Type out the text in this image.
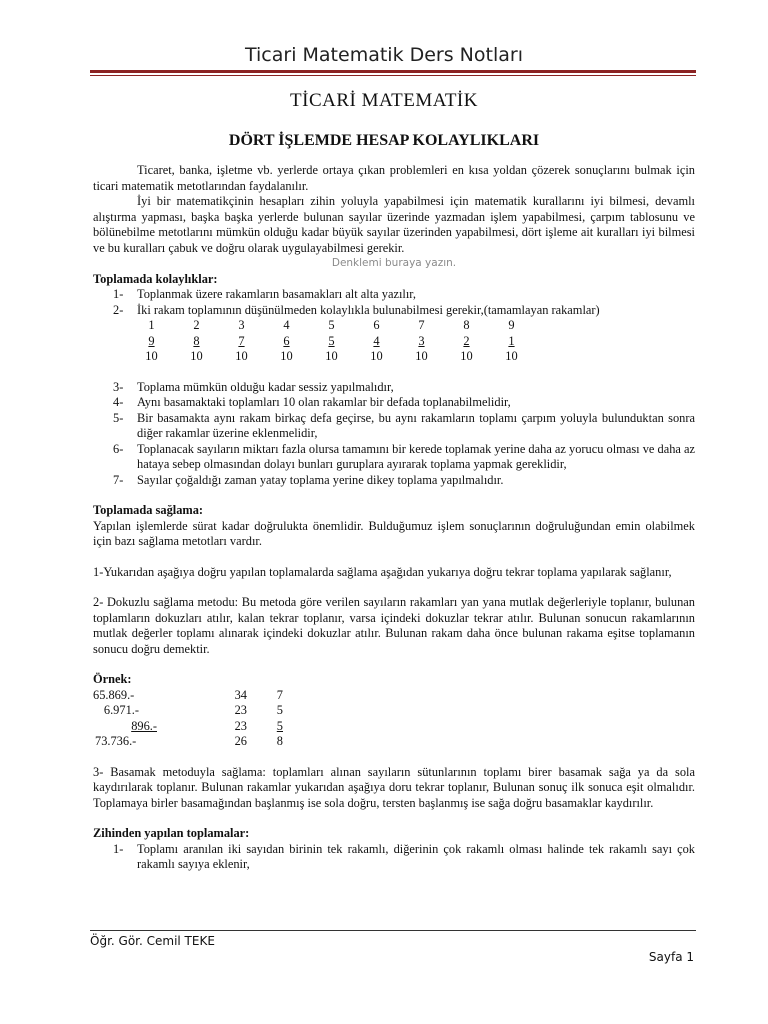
Ticari Matematik Ders Notları
TİCARİ MATEMATİK
DÖRT İŞLEMDE HESAP KOLAYLIKLARI

Ticaret, banka, işletme vb. yerlerde ortaya çıkan problemleri en kısa yoldan çözerek sonuçlarını bulmak için ticari matematik metotlarından faydalanılır.

İyi bir matematikçinin hesapları zihin yoluyla yapabilmesi için matematik kurallarını iyi bilmesi, devamlı alıştırma yapması, başka başka yerlerde bulunan sayılar üzerinde yazmadan işlem yapabilmesi, çarpım tablosunu ve bölünebilme metotlarını mümkün olduğu kadar büyük sayılar üzerinden yapabilmesi, dört işleme ait kuralları iyi bilmesi ve bu kuralları çabuk ve doğru olarak uygulayabilmesi gerekir.

Denklemi buraya yazın.

Toplamada kolaylıklar:

1-	Toplanmak üzere rakamların basamakları alt alta yazılır,
2-	İki rakam toplamının düşünülmeden kolaylıkla bulunabilmesi gerekir,(tamamlayan rakamlar)
1	2	3	4	5	6	7	8	9
9	8	7	6	5	4	3	2	1
10	10	10	10	10	10	10	10	10
3-	Toplama mümkün olduğu kadar sessiz yapılmalıdır,
4-	Aynı basamaktaki toplamları 10 olan rakamlar bir defada toplanabilmelidir,
5-	Bir basamakta aynı rakam birkaç defa geçirse, bu aynı rakamların toplamı çarpım yoluyla bulunduktan sonra diğer rakamlar üzerine eklenmelidir,
6-	Toplanacak sayıların miktarı fazla olursa tamamını bir kerede toplamak yerine daha az yorucu olması ve daha az hataya sebep olmasından dolayı bunları guruplara ayırarak toplama yapmak gereklidir,
7-	Sayılar çoğaldığı zaman yatay toplama yerine dikey toplama yapılmalıdır.

Toplamada sağlama:

Yapılan işlemlerde sürat kadar doğrulukta önemlidir. Bulduğumuz işlem sonuçlarının doğruluğundan emin olabilmek için bazı sağlama metotları vardır.

1-Yukarıdan aşağıya doğru yapılan toplamalarda sağlama aşağıdan yukarıya doğru tekrar toplama yapılarak sağlanır,

2- Dokuzlu sağlama metodu: Bu metoda göre verilen sayıların rakamları yan yana mutlak değerleriyle toplanır, bulunan toplamların dokuzları atılır, kalan tekrar toplanır, varsa içindeki dokuzlar tekrar atılır. Bulunan sonucun rakamlarının mutlak değerler toplamı alınarak içindeki dokuzlar atılır. Bulunan rakam daha önce bulunan rakama eşitse toplamanın sonucu doğru demektir.

Örnek:

65.869.-	34	7
6.971.-	23	5
896.-	23	5
73.736.-	26	8

3- Basamak metoduyla sağlama: toplamları alınan sayıların sütunlarının toplamı birer basamak sağa ya da sola kaydırılarak toplanır. Bulunan rakamlar yukarıdan aşağıya doru tekrar toplanır, Bulunan sonuç ilk sonuca eşit olmalıdır. Toplamaya birler basamağından başlanmış ise sola doğru, tersten başlanmış ise sağa doğru basamaklar kaydırılır.

Zihinden yapılan toplamalar:

1-	Toplamı aranılan iki sayıdan birinin tek rakamlı, diğerinin çok rakamlı olması halinde tek rakamlı sayı çok rakamlı sayıya eklenir,
Öğr. Gör. Cemil TEKE
Sayfa 1
